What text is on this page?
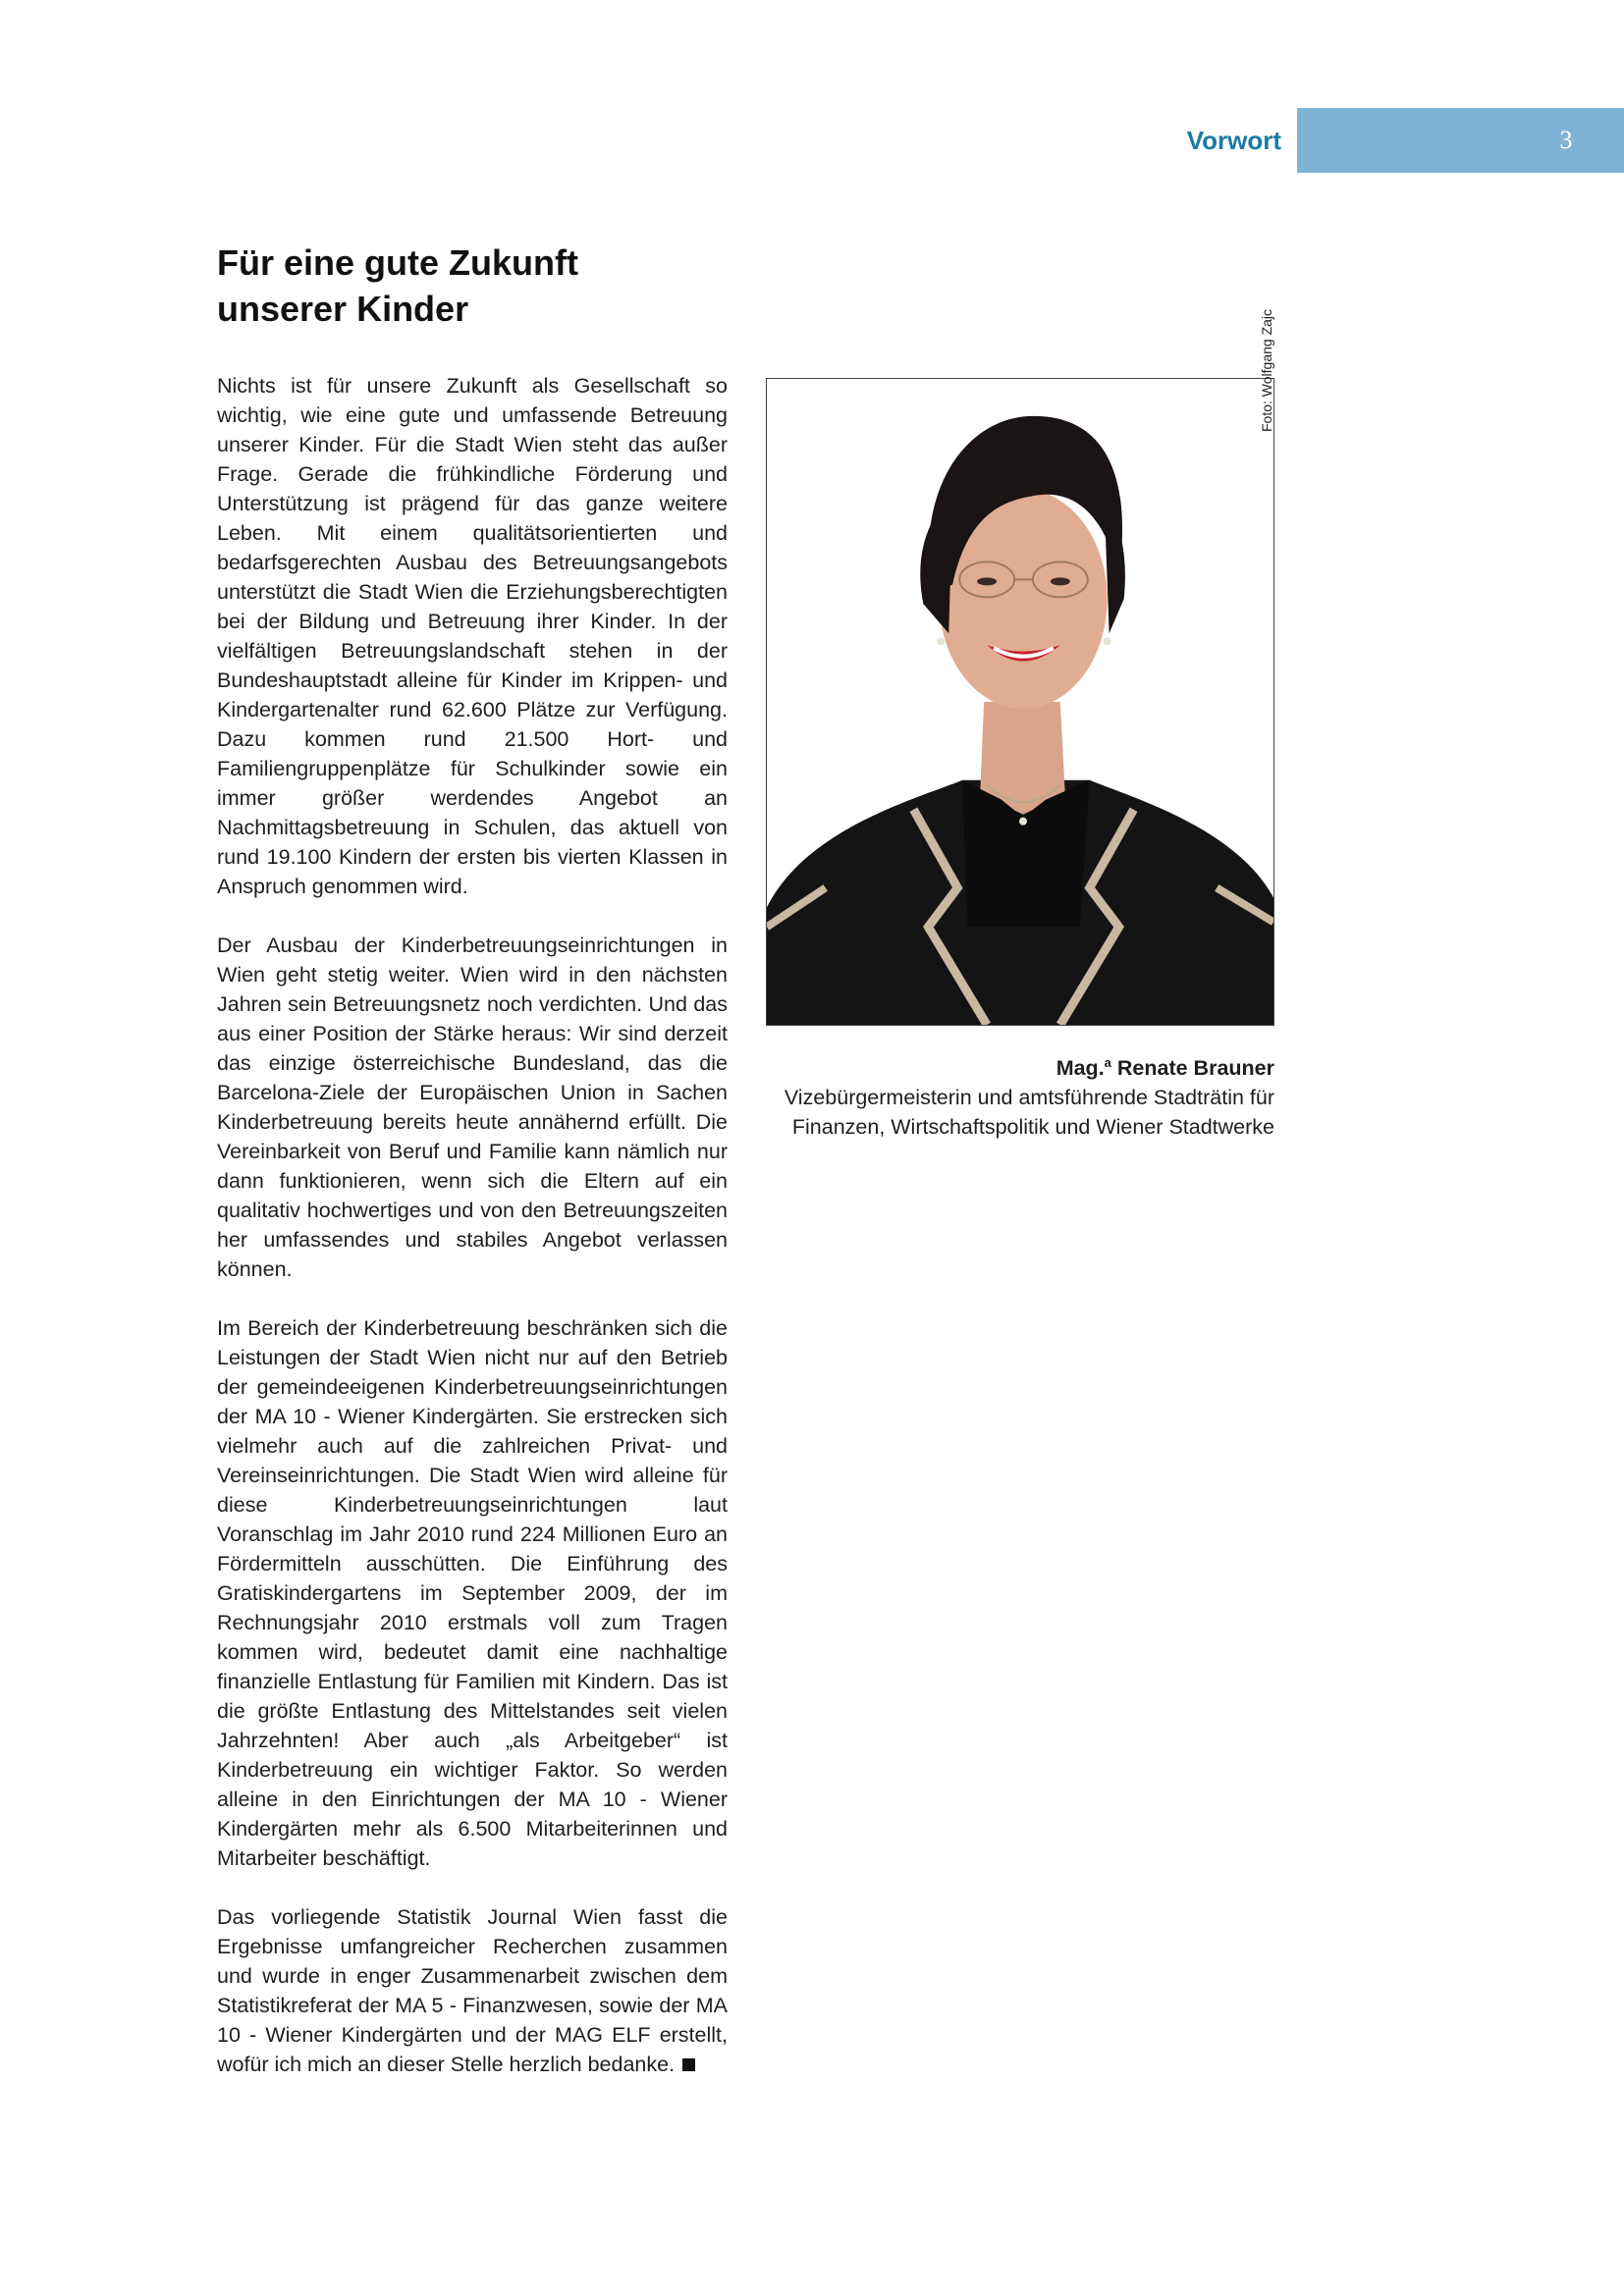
Vorwort	3
Für eine gute Zukunft
unserer Kinder

Nichts ist für unsere Zukunft als Gesellschaft so wichtig, wie eine gute und umfassende Betreuung unserer Kinder. Für die Stadt Wien steht das außer Frage. Gerade die frühkindliche Förderung und Unterstützung ist prägend für das ganze weitere Leben. Mit einem qualitätsorientierten und bedarfsgerechten Ausbau des Betreuungsangebots unterstützt die Stadt Wien die Erziehungsberechtigten bei der Bildung und Betreuung ihrer Kinder. In der vielfältigen Betreuungslandschaft stehen in der Bundeshauptstadt alleine für Kinder im Krippen- und Kindergartenalter rund 62.600 Plätze zur Verfügung. Dazu kommen rund 21.500 Hort- und Familiengruppenplätze für Schulkinder sowie ein immer größer werdendes Angebot an Nachmittagsbetreuung in Schulen, das aktuell von rund 19.100 Kindern der ersten bis vierten Klassen in Anspruch genommen wird.

Der Ausbau der Kinderbetreuungseinrichtungen in Wien geht stetig weiter. Wien wird in den nächsten Jahren sein Betreuungsnetz noch verdichten. Und das aus einer Position der Stärke heraus: Wir sind derzeit das einzige österreichische Bundesland, das die Barcelona-Ziele der Europäischen Union in Sachen Kinderbetreuung bereits heute annähernd erfüllt. Die Vereinbarkeit von Beruf und Familie kann nämlich nur dann funktionieren, wenn sich die Eltern auf ein qualitativ hochwertiges und von den Betreuungszeiten her umfassendes und stabiles Angebot verlassen können.

Im Bereich der Kinderbetreuung beschränken sich die Leistungen der Stadt Wien nicht nur auf den Betrieb der gemeindeeigenen Kinderbetreuungseinrichtungen der MA 10 - Wiener Kindergärten. Sie erstrecken sich vielmehr auch auf die zahlreichen Privat- und Vereinseinrichtungen. Die Stadt Wien wird alleine für diese Kinderbetreuungseinrichtungen laut Voranschlag im Jahr 2010 rund 224 Millionen Euro an Fördermitteln ausschütten. Die Einführung des Gratiskindergartens im September 2009, der im Rechnungsjahr 2010 erstmals voll zum Tragen kommen wird, bedeutet damit eine nachhaltige finanzielle Entlastung für Familien mit Kindern. Das ist die größte Entlastung des Mittelstandes seit vielen Jahrzehnten! Aber auch „als Arbeitgeber“ ist Kinderbetreuung ein wichtiger Faktor. So werden alleine in den Einrichtungen der MA 10 - Wiener Kindergärten mehr als 6.500 Mitarbeiterinnen und Mitarbeiter beschäftigt.

Das vorliegende Statistik Journal Wien fasst die Ergebnisse umfangreicher Recherchen zusammen und wurde in enger Zusammenarbeit zwischen dem Statistikreferat der MA 5 - Finanzwesen, sowie der MA 10 - Wiener Kindergärten und der MAG ELF erstellt, wofür ich mich an dieser Stelle herzlich bedanke.

Foto: Wolfgang Zajc
Mag.$^a$ Renate Brauner
Vizebürgermeisterin und amtsführende Stadträtin für
Finanzen, Wirtschaftspolitik und Wiener Stadtwerke
